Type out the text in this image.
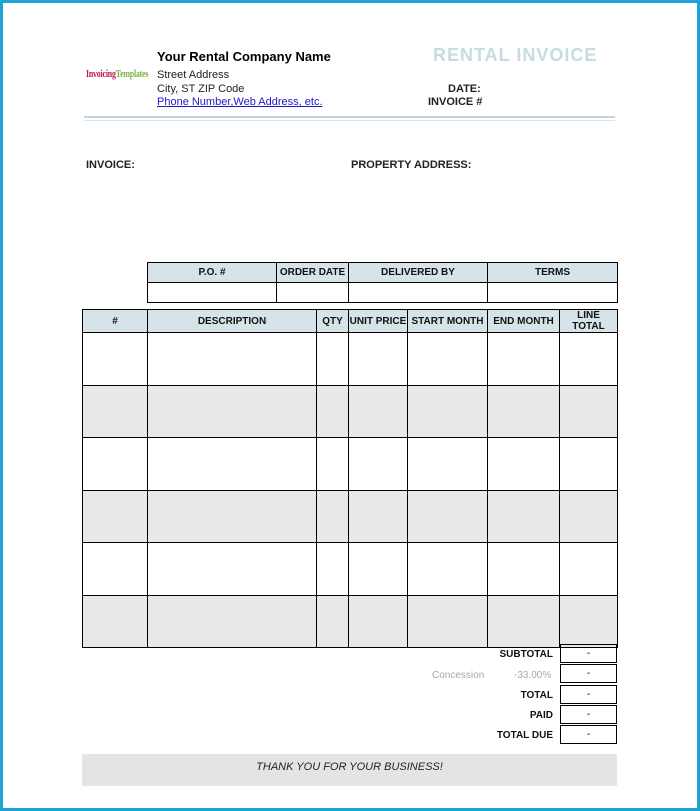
Your Rental Company Name
Street Address
City, ST ZIP Code
Phone Number,Web Address, etc.
InvoicingTemplates
RENTAL INVOICE
DATE:
INVOICE #
INVOICE:	PROPERTY ADDRESS:
P.O. #	ORDER DATE	DELIVERED BY	TERMS

#	DESCRIPTION	QTY	UNIT PRICE	START MONTH	END MONTH	LINE TOTAL

SUBTOTAL	-
Concession	-33.00%	-
TOTAL	-
PAID	-
TOTAL DUE	-
THANK YOU FOR YOUR BUSINESS!
